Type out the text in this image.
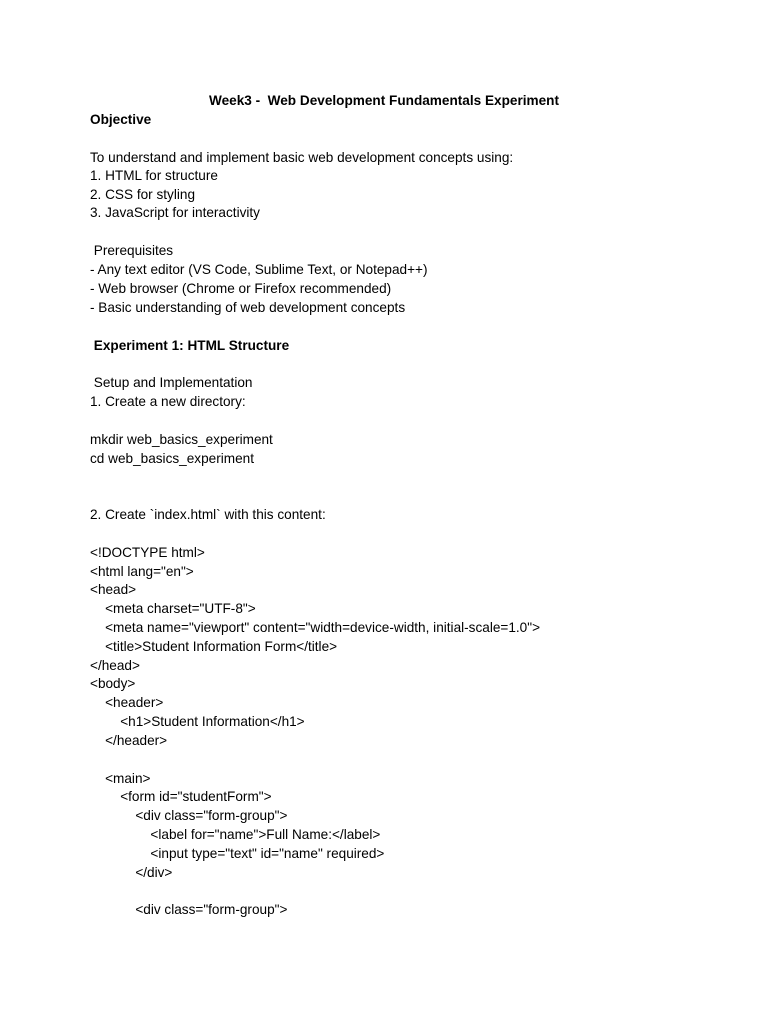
Week3 -  Web Development Fundamentals Experiment
Objective
To understand and implement basic web development concepts using:
1. HTML for structure
2. CSS for styling
3. JavaScript for interactivity
Prerequisites
- Any text editor (VS Code, Sublime Text, or Notepad++)
- Web browser (Chrome or Firefox recommended)
- Basic understanding of web development concepts
Experiment 1: HTML Structure
Setup and Implementation
1. Create a new directory:
mkdir web_basics_experiment
cd web_basics_experiment
2. Create `index.html` with this content:
<!DOCTYPE html>
<html lang="en">
<head>
<meta charset="UTF-8">
<meta name="viewport" content="width=device-width, initial-scale=1.0">
<title>Student Information Form</title>
</head>
<body>
<header>
<h1>Student Information</h1>
</header>
<main>
<form id="studentForm">
<div class="form-group">
<label for="name">Full Name:</label>
<input type="text" id="name" required>
</div>
<div class="form-group">
